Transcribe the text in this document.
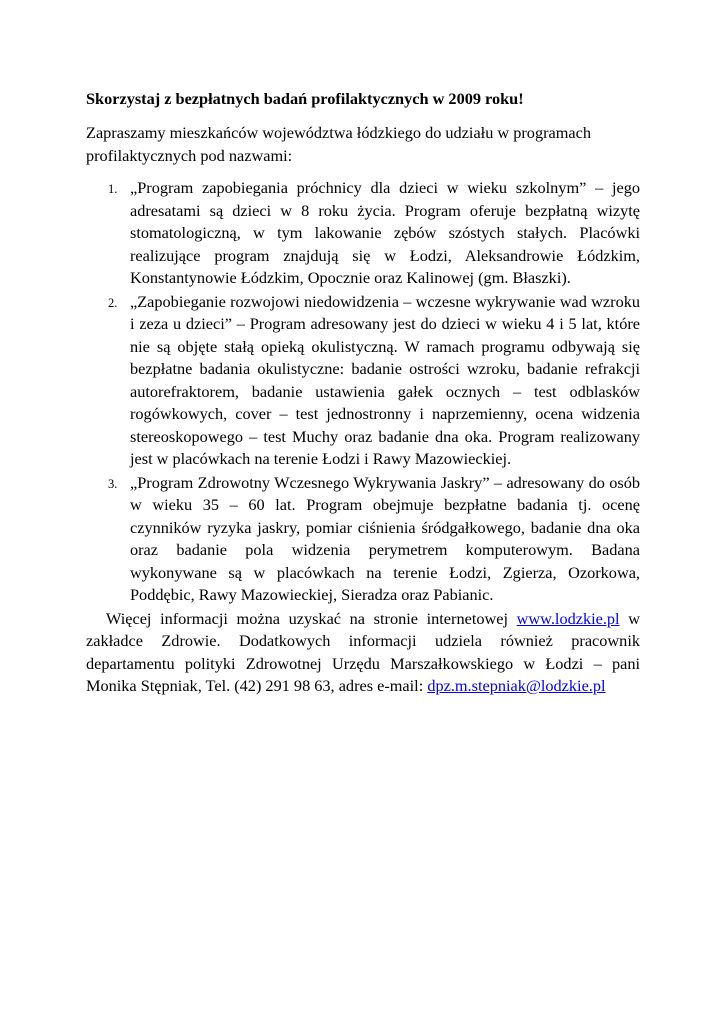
Skorzystaj z bezpłatnych badań profilaktycznych w 2009 roku!

Zapraszamy mieszkańców województwa łódzkiego do udziału w programach profilaktycznych pod nazwami:

1. „Program zapobiegania próchnicy dla dzieci w wieku szkolnym” – jego adresatami są dzieci w 8 roku życia. Program oferuje bezpłatną wizytę stomatologiczną, w tym lakowanie zębów szóstych stałych. Placówki realizujące program znajdują się w Łodzi, Aleksandrowie Łódzkim, Konstantynowie Łódzkim, Opocznie oraz Kalinowej (gm. Błaszki).
2. „Zapobieganie rozwojowi niedowidzenia – wczesne wykrywanie wad wzroku i zeza u dzieci” – Program adresowany jest do dzieci w wieku 4 i 5 lat, które nie są objęte stałą opieką okulistyczną. W ramach programu odbywają się bezpłatne badania okulistyczne: badanie ostrości wzroku, badanie refrakcji autorefraktorem, badanie ustawienia gałek ocznych – test odblasków rogówkowych, cover – test jednostronny i naprzemienny, ocena widzenia stereoskopowego – test Muchy oraz badanie dna oka. Program realizowany jest w placówkach na terenie Łodzi i Rawy Mazowieckiej.
3. „Program Zdrowotny Wczesnego Wykrywania Jaskry” – adresowany do osób w wieku 35 – 60 lat. Program obejmuje bezpłatne badania tj. ocenę czynników ryzyka jaskry, pomiar ciśnienia śródgałkowego, badanie dna oka oraz badanie pola widzenia perymetrem komputerowym. Badana wykonywane są w placówkach na terenie Łodzi, Zgierza, Ozorkowa, Poddębic, Rawy Mazowieckiej, Sieradza oraz Pabianic.

Więcej informacji można uzyskać na stronie internetowej www.lodzkie.pl w zakładce Zdrowie. Dodatkowych informacji udziela również pracownik departamentu polityki Zdrowotnej Urzędu Marszałkowskiego w Łodzi – pani Monika Stępniak, Tel. (42) 291 98 63, adres e-mail: dpz.m.stepniak@lodzkie.pl
